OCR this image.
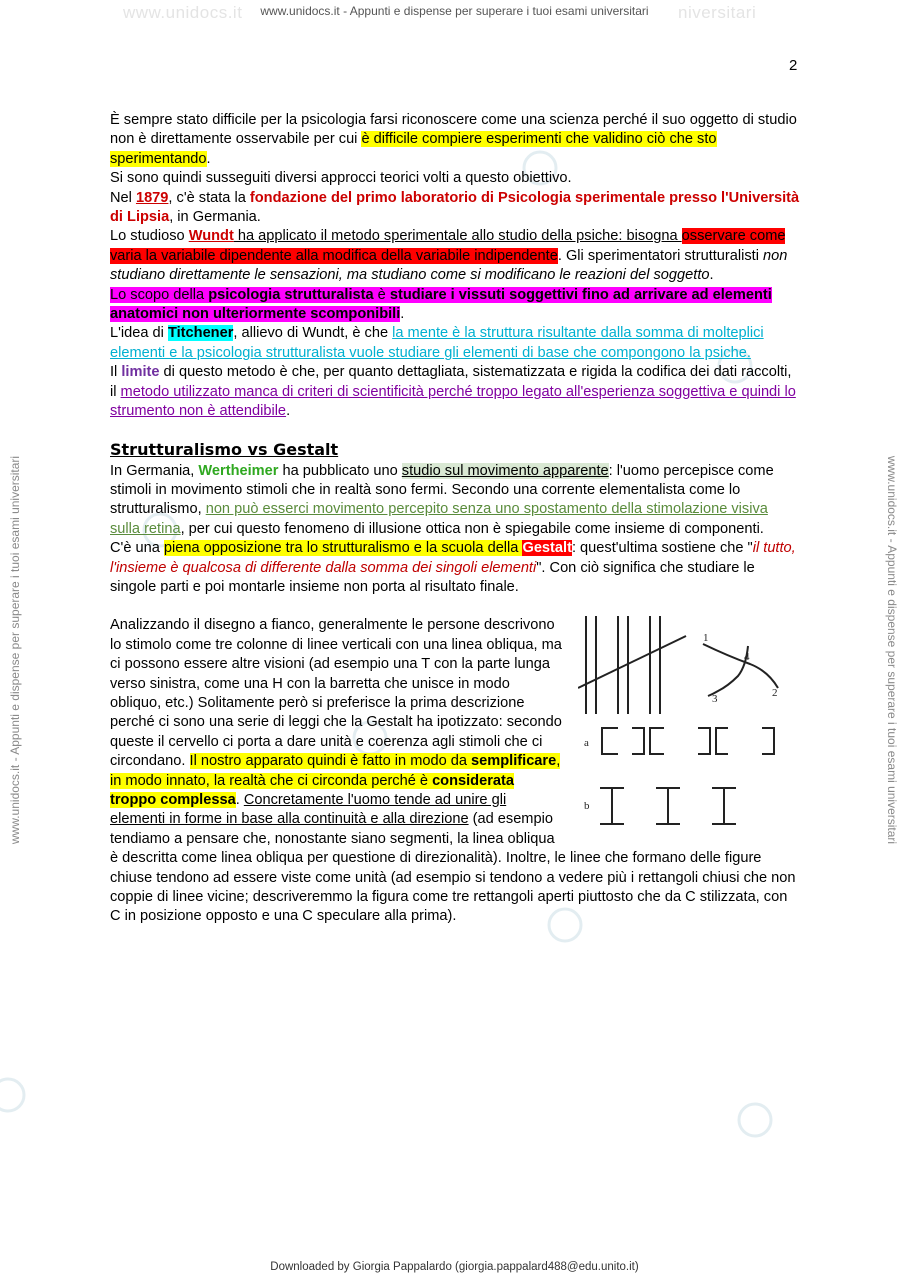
www.unidocs.it	niversitari
www.unidocs.it - Appunti e dispense per superare i tuoi esami universitari
www.unidocs.it - Appunti e dispense per superare i tuoi esami universitari	www.unidocs.it - Appunti e dispense per superare i tuoi esami universitari
2

È sempre stato difficile per la psicologia farsi riconoscere come una scienza perché il suo oggetto di studio non è direttamente osservabile per cui è difficile compiere esperimenti che validino ciò che sto sperimentando.

Si sono quindi susseguiti diversi approcci teorici volti a questo obiettivo.

Nel 1879, c'è stata la fondazione del primo laboratorio di Psicologia sperimentale presso l'Università di Lipsia, in Germania.

Lo studioso Wundt ha applicato il metodo sperimentale allo studio della psiche: bisogna osservare come varia la variabile dipendente alla modifica della variabile indipendente. Gli sperimentatori strutturalisti non studiano direttamente le sensazioni, ma studiano come si modificano le reazioni del soggetto.

Lo scopo della psicologia strutturalista è studiare i vissuti soggettivi fino ad arrivare ad elementi anatomici non ulteriormente scomponibili.

L'idea di Titchener, allievo di Wundt, è che la mente è la struttura risultante dalla somma di molteplici elementi e la psicologia strutturalista vuole studiare gli elementi di base che compongono la psiche.

Il limite di questo metodo è che, per quanto dettagliata, sistematizzata e rigida la codifica dei dati raccolti, il metodo utilizzato manca di criteri di scientificità perché troppo legato all'esperienza soggettiva e quindi lo strumento non è attendibile.

Strutturalismo vs Gestalt

In Germania, Wertheimer ha pubblicato uno studio sul movimento apparente: l'uomo percepisce come stimoli in movimento stimoli che in realtà sono fermi. Secondo una corrente elementalista come lo strutturalismo, non può esserci movimento percepito senza uno spostamento della stimolazione visiva sulla retina, per cui questo fenomeno di illusione ottica non è spiegabile come insieme di componenti.

C'è una piena opposizione tra lo strutturalismo e la scuola della Gestalt: quest'ultima sostiene che "il tutto, l'insieme è qualcosa di differente dalla somma dei singoli elementi". Con ciò significa che studiare le singole parti e poi montarle insieme non porta al risultato finale.

1
4
3	2
a
b

Analizzando il disegno a fianco, generalmente le persone descrivono lo stimolo come tre colonne di linee verticali con una linea obliqua, ma ci possono essere altre visioni (ad esempio una T con la parte lunga verso sinistra, come una H con la barretta che unisce in modo obliquo, etc.) Solitamente però si preferisce la prima descrizione perché ci sono una serie di leggi che la Gestalt ha ipotizzato: secondo queste il cervello ci porta a dare unità e coerenza agli stimoli che ci circondano. Il nostro apparato quindi è fatto in modo da semplificare, in modo innato, la realtà che ci circonda perché è considerata troppo complessa. Concretamente l'uomo tende ad unire gli elementi in forme in base alla continuità e alla direzione (ad esempio tendiamo a pensare che, nonostante siano segmenti, la linea obliqua è descritta come linea obliqua per questione di direzionalità). Inoltre, le linee che formano delle figure chiuse tendono ad essere viste come unità (ad esempio si tendono a vedere più i rettangoli chiusi che non coppie di linee vicine; descriveremmo la figura come tre rettangoli aperti piuttosto che da C stilizzata, con C in posizione opposto e una C speculare alla prima).

Downloaded by Giorgia Pappalardo (giorgia.pappalard488@edu.unito.it)
